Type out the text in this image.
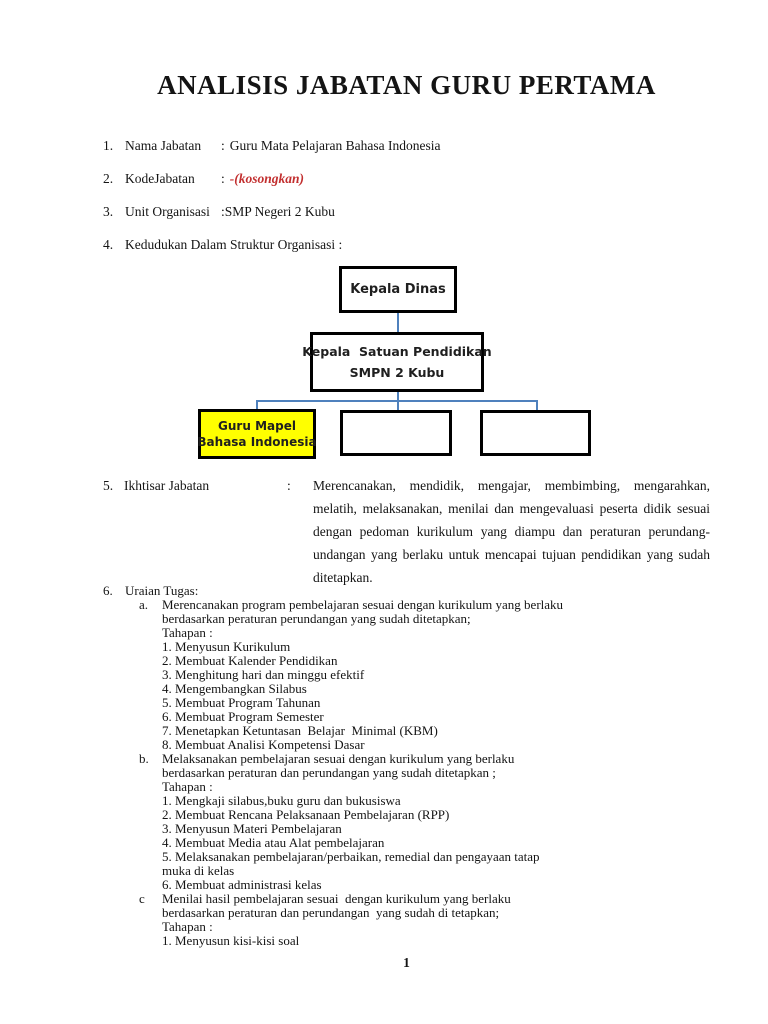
ANALISIS JABATAN GURU PERTAMA
1. Nama Jabatan	: Guru Mata Pelajaran Bahasa Indonesia
2. KodeJabatan	: -(kosongkan)
3. Unit Organisasi : SMP Negeri 2 Kubu
4. Kedudukan Dalam Struktur Organisasi :
Kepala Dinas
Kepala  Satuan Pendidikan
SMPN 2 Kubu
Guru Mapel
Bahasa Indonesia
5. Ikhtisar Jabatan	:	Merencanakan, mendidik, mengajar, membimbing, mengarahkan, melatih, melaksanakan, menilai dan mengevaluasi peserta didik sesuai dengan pedoman kurikulum yang diampu dan peraturan perundang-undangan yang berlaku untuk mencapai tujuan pendidikan yang sudah ditetapkan.
6. Uraian Tugas:
a.	Merencanakan program pembelajaran sesuai dengan kurikulum yang berlaku berdasarkan peraturan perundangan yang sudah ditetapkan;
Tahapan :
1. Menyusun Kurikulum
2. Membuat Kalender Pendidikan
3. Menghitung hari dan minggu efektif
4. Mengembangkan Silabus
5. Membuat Program Tahunan
6. Membuat Program Semester
7. Menetapkan Ketuntasan  Belajar  Minimal (KBM)
8. Membuat Analisi Kompetensi Dasar
b.	Melaksanakan pembelajaran sesuai dengan kurikulum yang berlaku berdasarkan peraturan dan perundangan yang sudah ditetapkan ;
Tahapan :
1. Mengkaji silabus,buku guru dan bukusiswa
2. Membuat Rencana Pelaksanaan Pembelajaran (RPP)
3. Menyusun Materi Pembelajaran
4. Membuat Media atau Alat pembelajaran
5. Melaksanakan pembelajaran/perbaikan, remedial dan pengayaan tatap muka di kelas
6. Membuat administrasi kelas
c	Menilai hasil pembelajaran sesuai  dengan kurikulum yang berlaku berdasarkan peraturan dan perundangan  yang sudah di tetapkan;
Tahapan :
1. Menyusun kisi-kisi soal
1
